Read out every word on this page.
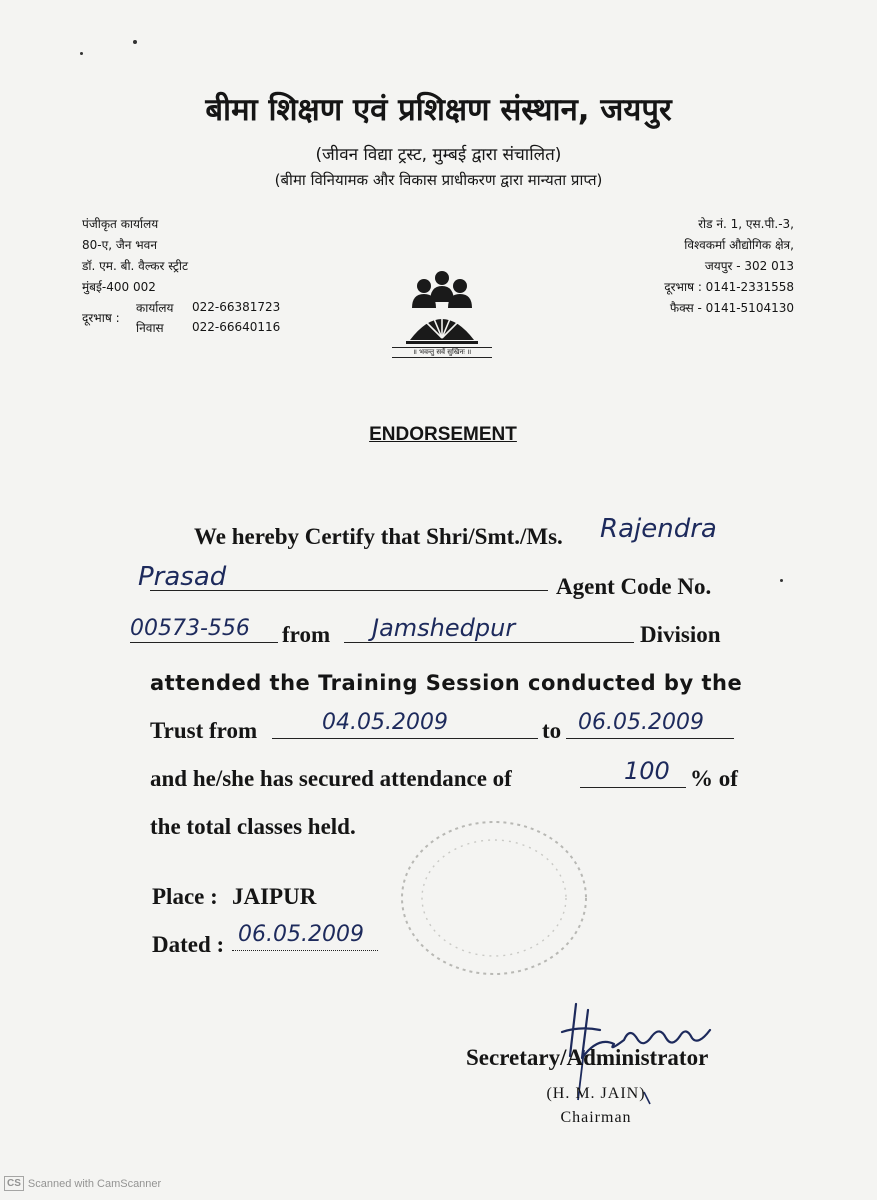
बीमा शिक्षण एवं प्रशिक्षण संस्थान, जयपुर
(जीवन विद्या ट्रस्ट, मुम्बई द्वारा संचालित)
(बीमा विनियामक और विकास प्राधीकरण द्वारा मान्यता प्राप्त)
पंजीकृत कार्यालय
80-ए, जैन भवन
डॉ. एम. बी. वैल्कर स्ट्रीट
मुंबई-400 002
दूरभाष :
कार्यालय 022-66381723
निवास 022-66640116
रोड नं. 1, एस.पी.-3,
विश्वकर्मा औद्योगिक क्षेत्र,
जयपुर - 302 013
दूरभाष : 0141-2331558
फैक्स - 0141-5104130
॥ भवन्तु सर्वे सुखिनः ॥
ENDORSEMENT
We hereby Certify that Shri/Smt./Ms. Rajendra
Prasad	Agent Code No.
00573-556 from Jamshedpur	Division
attended the Training Session conducted by the
Trust from	04.05.2009	to 06.05.2009
and he/she has secured attendance of	100 % of
the total classes held.
Place : JAIPUR
Dated : 06.05.2009
Secretary/Administrator
(H. M. JAIN)
Chairman
CS Scanned with CamScanner
